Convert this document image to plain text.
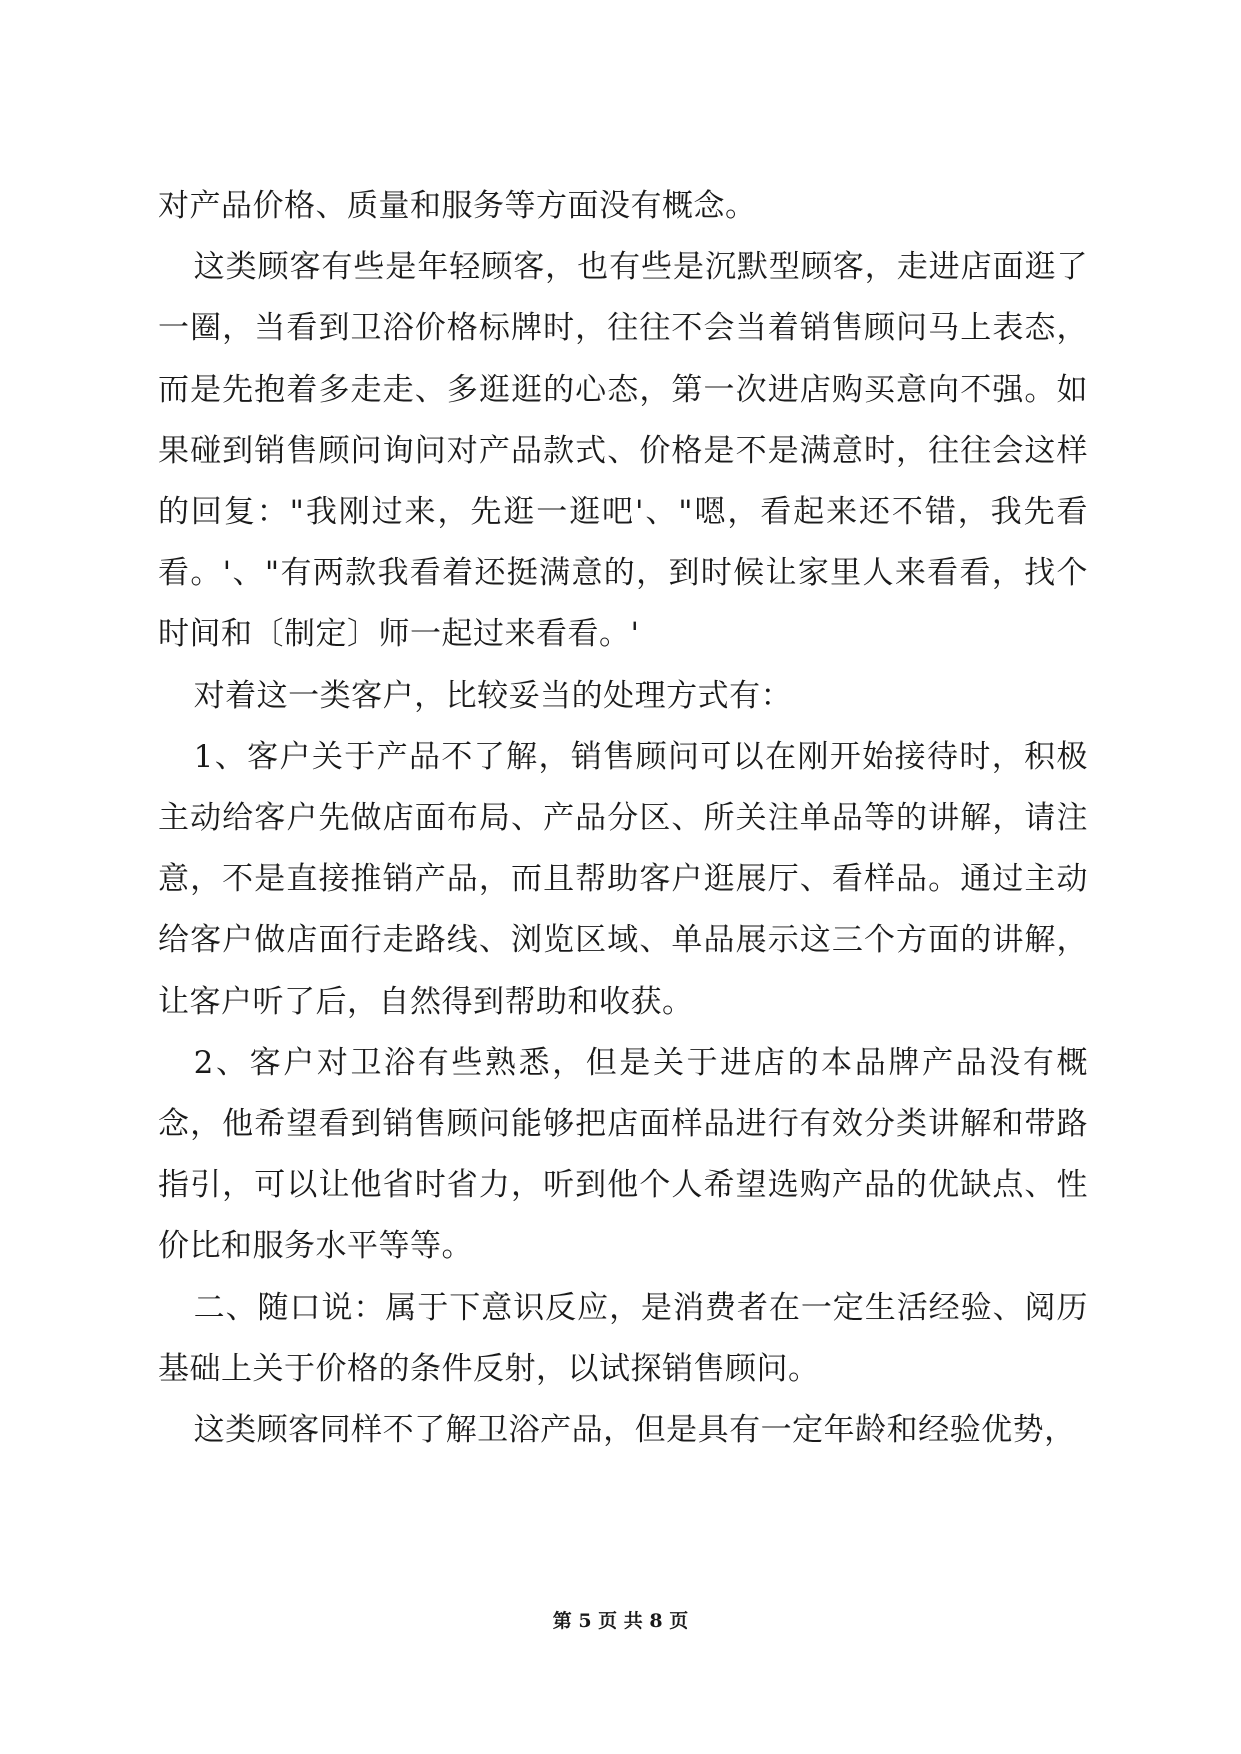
对产品价格、质量和服务等方面没有概念。

这类顾客有些是年轻顾客，也有些是沉默型顾客，走进店面逛了一圈，当看到卫浴价格标牌时，往往不会当着销售顾问马上表态，而是先抱着多走走、多逛逛的心态，第一次进店购买意向不强。如果碰到销售顾问询问对产品款式、价格是不是满意时，往往会这样的回复："我刚过来，先逛一逛吧'、"嗯，看起来还不错，我先看看。'、"有两款我看着还挺满意的，到时候让家里人来看看，找个时间和〔制定〕师一起过来看看。'

对着这一类客户，比较妥当的处理方式有：

1、客户关于产品不了解，销售顾问可以在刚开始接待时，积极主动给客户先做店面布局、产品分区、所关注单品等的讲解，请注意，不是直接推销产品，而且帮助客户逛展厅、看样品。通过主动给客户做店面行走路线、浏览区域、单品展示这三个方面的讲解，让客户听了后，自然得到帮助和收获。

2、客户对卫浴有些熟悉，但是关于进店的本品牌产品没有概念，他希望看到销售顾问能够把店面样品进行有效分类讲解和带路指引，可以让他省时省力，听到他个人希望选购产品的优缺点、性价比和服务水平等等。

二、随口说：属于下意识反应，是消费者在一定生活经验、阅历基础上关于价格的条件反射，以试探销售顾问。

这类顾客同样不了解卫浴产品，但是具有一定年龄和经验优势，

第 5 页 共 8 页
